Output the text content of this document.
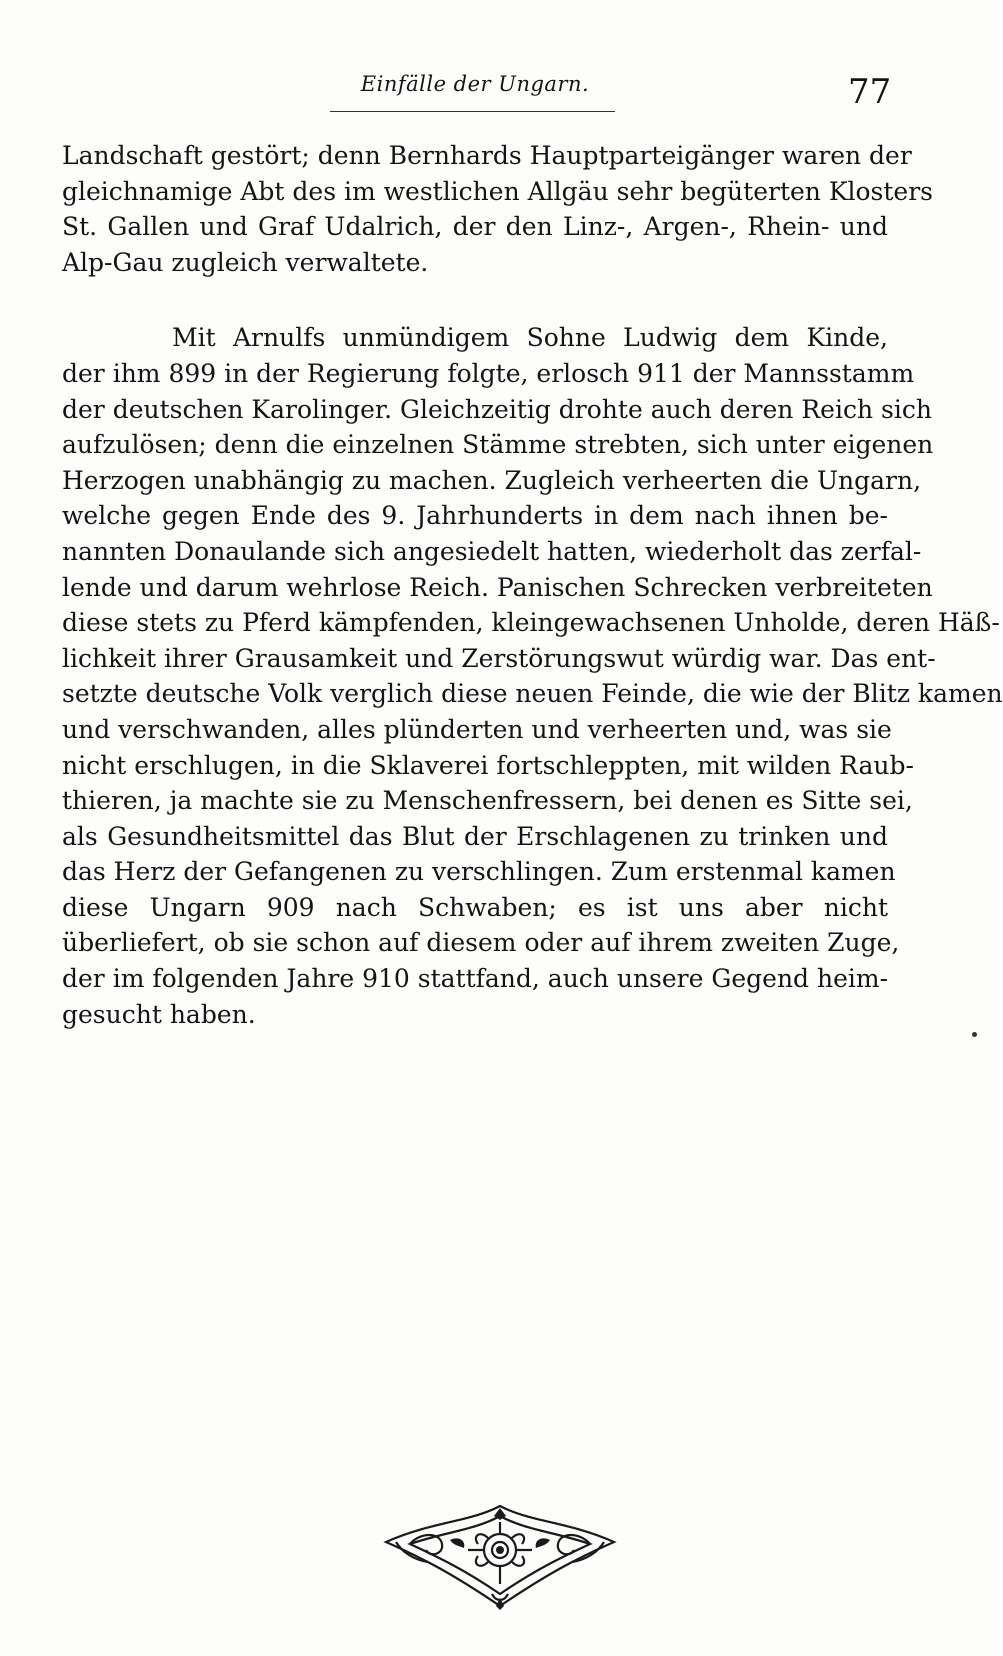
Einfälle der Ungarn.	77
Landschaft gestört; denn Bernhards Hauptparteigänger waren der
gleichnamige Abt des im westlichen Allgäu sehr begüterten Klosters
St. Gallen und Graf Udalrich, der den Linz-, Argen-, Rhein- und
Alp-Gau zugleich verwaltete.
Mit Arnulfs unmündigem Sohne Ludwig dem Kinde,
der ihm 899 in der Regierung folgte, erlosch 911 der Mannsstamm
der deutschen Karolinger. Gleichzeitig drohte auch deren Reich sich
aufzulösen; denn die einzelnen Stämme strebten, sich unter eigenen
Herzogen unabhängig zu machen. Zugleich verheerten die Ungarn,
welche gegen Ende des 9. Jahrhunderts in dem nach ihnen be-
nannten Donaulande sich angesiedelt hatten, wiederholt das zerfal-
lende und darum wehrlose Reich. Panischen Schrecken verbreiteten
diese stets zu Pferd kämpfenden, kleingewachsenen Unholde, deren Häß-
lichkeit ihrer Grausamkeit und Zerstörungswut würdig war. Das ent-
setzte deutsche Volk verglich diese neuen Feinde, die wie der Blitz kamen
und verschwanden, alles plünderten und verheerten und, was sie
nicht erschlugen, in die Sklaverei fortschleppten, mit wilden Raub-
thieren, ja machte sie zu Menschenfressern, bei denen es Sitte sei,
als Gesundheitsmittel das Blut der Erschlagenen zu trinken und
das Herz der Gefangenen zu verschlingen. Zum erstenmal kamen
diese Ungarn 909 nach Schwaben; es ist uns aber nicht
überliefert, ob sie schon auf diesem oder auf ihrem zweiten Zuge,
der im folgenden Jahre 910 stattfand, auch unsere Gegend heim-
gesucht haben.
